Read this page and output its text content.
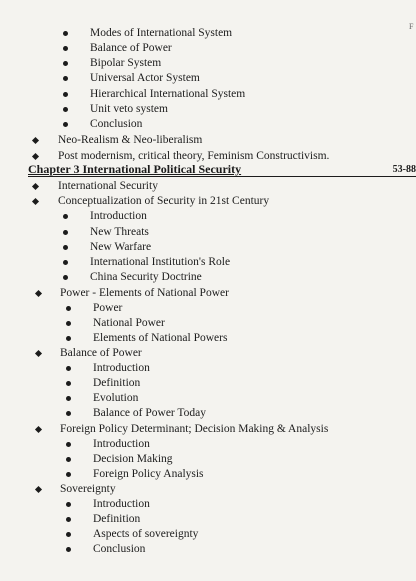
F
Chapter 3 International Political Security	53-88
Modes of International System
Balance of Power
Bipolar System
Universal Actor System
Hierarchical International System
Unit veto system
Conclusion
Neo-Realism & Neo-liberalism
Post modernism, critical theory, Feminism Constructivism.
International Security
Conceptualization of Security in 21st Century
Introduction
New Threats
New Warfare
International Institution's Role
China Security Doctrine
Power - Elements of National Power
Power
National Power
Elements of National Powers
Balance of Power
Introduction
Definition
Evolution
Balance of Power Today
Foreign Policy Determinant; Decision Making & Analysis
Introduction
Decision Making
Foreign Policy Analysis
Sovereignty
Introduction
Definition
Aspects of sovereignty
Conclusion
